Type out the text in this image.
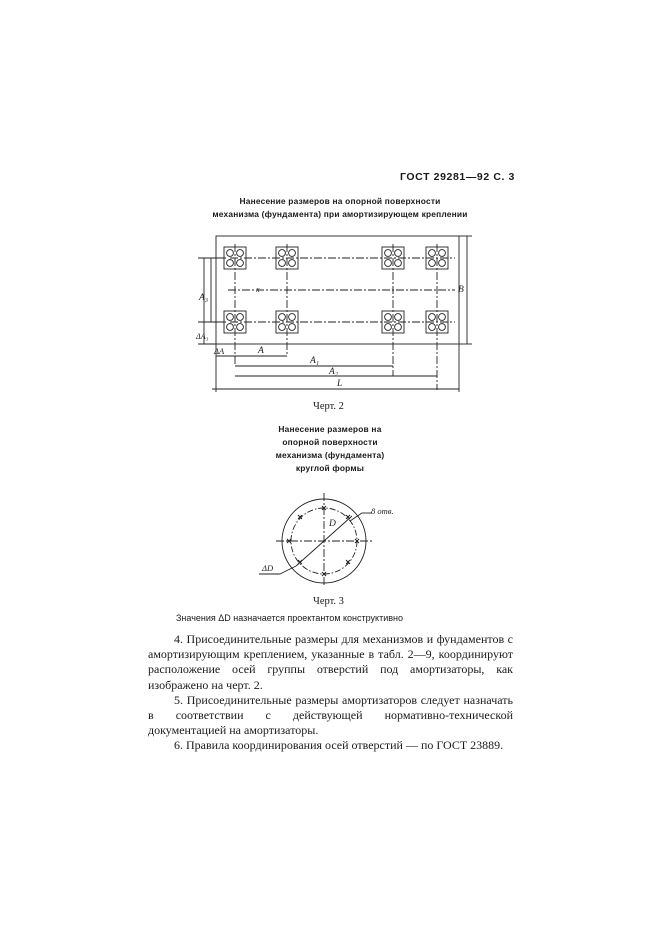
ГОСТ 29281—92 С. 3
Нанесение размеров на опорной поверхности
механизма (фундамента) при амортизирующем креплении
A₃
ΔA₃
B
x
ΔA	A
A₁
A₂
L
Черт. 2
Нанесение размеров на
опорной поверхности
механизма (фундамента)
круглой формы
D
8 отв.
ΔD
Черт. 3
Значения ΔD назначается проектантом конструктивно

4. Присоединительные размеры для механизмов и фундаментов с амортизирующим креплением, указанные в табл. 2—9, координируют расположение осей группы отверстий под амортизаторы, как изображено на черт. 2.

5. Присоединительные размеры амортизаторов следует назначать в соответствии с действующей нормативно-технической документацией на амортизаторы.

6. Правила координирования осей отверстий — по ГОСТ 23889.
